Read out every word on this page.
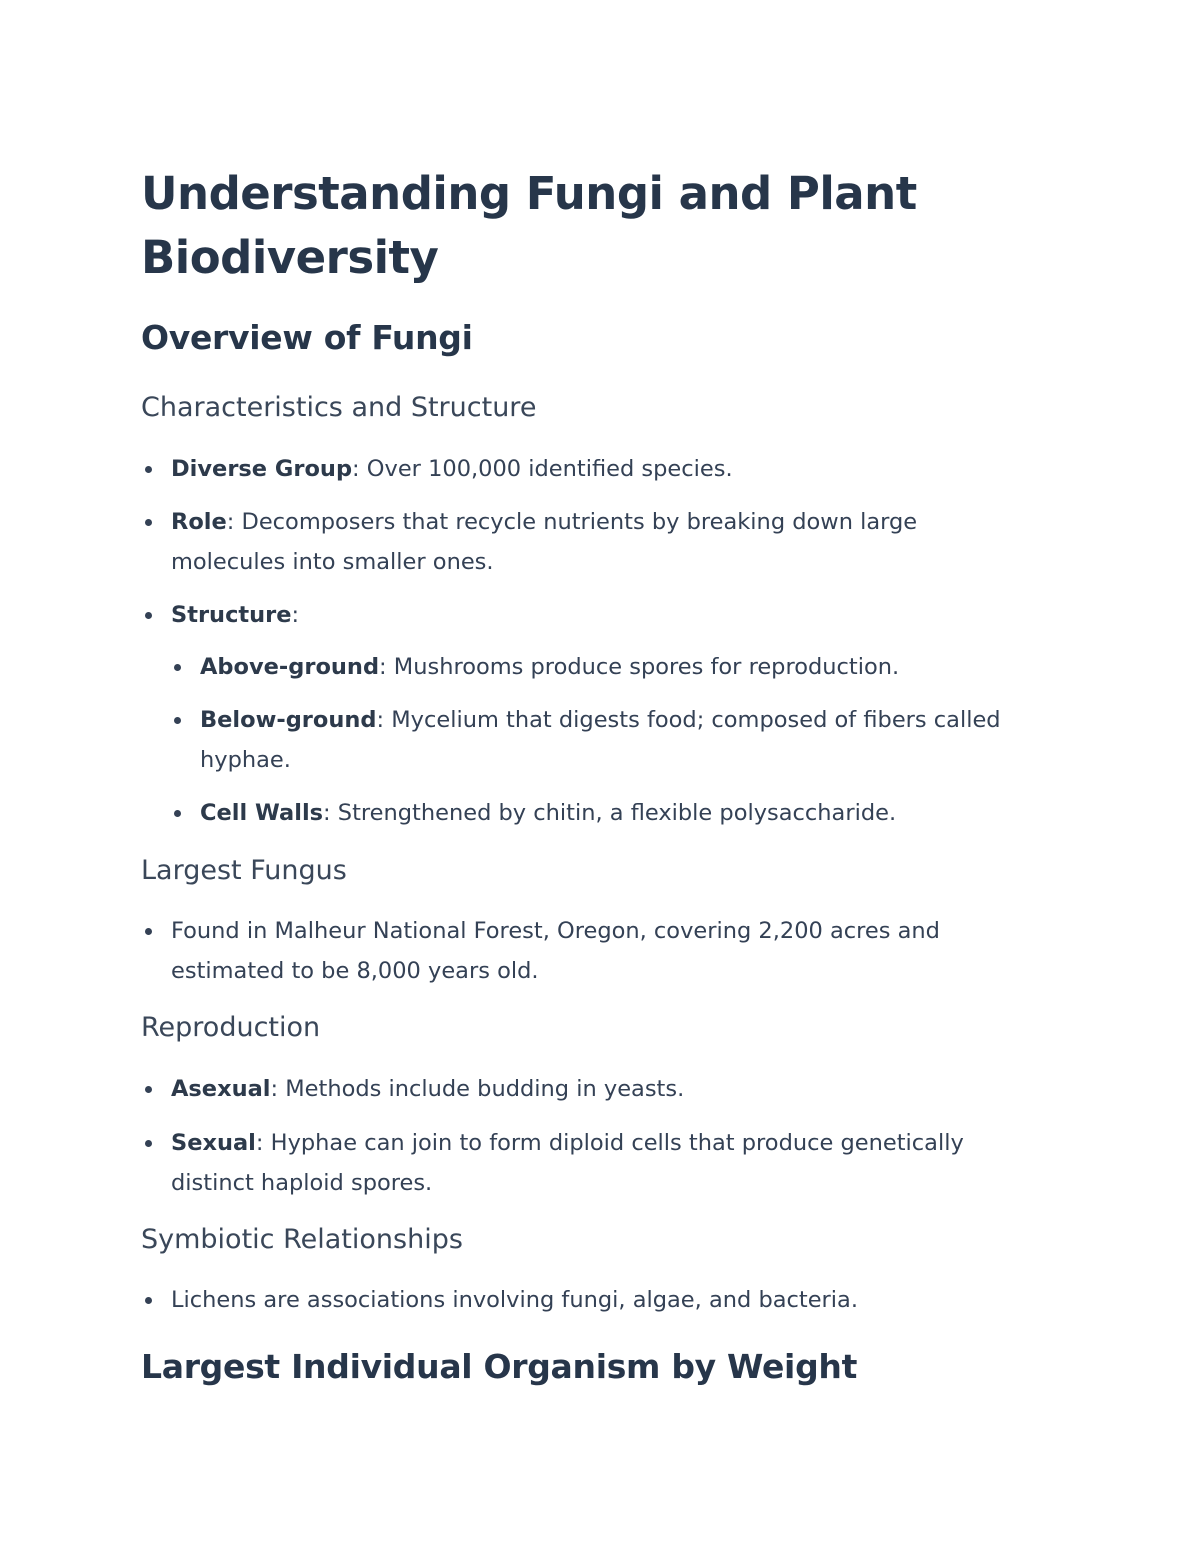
Understanding Fungi and Plant Biodiversity
Overview of Fungi
Characteristics and Structure

Diverse Group: Over 100,000 identified species.

Role: Decomposers that recycle nutrients by breaking down large molecules into smaller ones.

Structure:

Above-ground: Mushrooms produce spores for reproduction.

Below-ground: Mycelium that digests food; composed of fibers called hyphae.

Cell Walls: Strengthened by chitin, a flexible polysaccharide.

Largest Fungus

Found in Malheur National Forest, Oregon, covering 2,200 acres and estimated to be 8,000 years old.

Reproduction

Asexual: Methods include budding in yeasts.

Sexual: Hyphae can join to form diploid cells that produce genetically distinct haploid spores.

Symbiotic Relationships

Lichens are associations involving fungi, algae, and bacteria.

Largest Individual Organism by Weight
